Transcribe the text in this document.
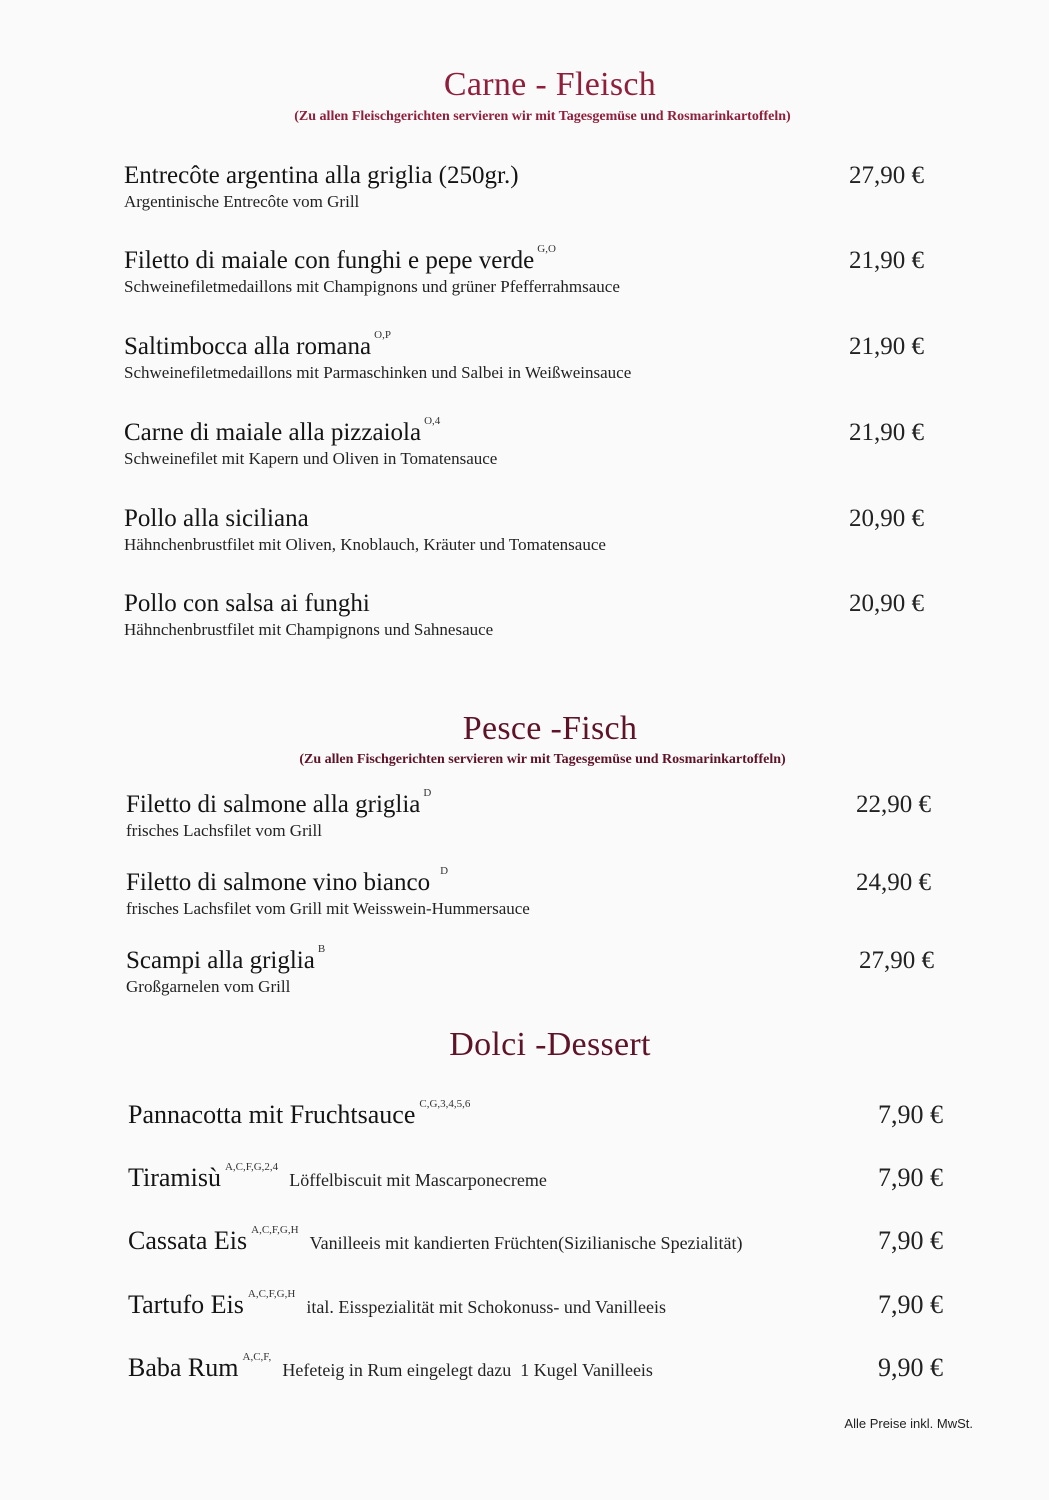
Carne - Fleisch
(Zu allen Fleischgerichten servieren wir mit Tagesgemüse und Rosmarinkartoffeln)
Entrecôte argentina alla griglia (250gr.)
Argentinische Entrecôte vom Grill
27,90 €
Filetto di maiale con funghi e pepe verde $^{G,O}$
Schweinefiletmedaillons mit Champignons und grüner Pfefferrahmsauce
21,90 €
Saltimbocca alla romana $^{O,P}$
Schweinefiletmedaillons mit Parmaschinken und Salbei in Weißweinsauce
21,90 €
Carne di maiale alla pizzaiola $^{O,4}$
Schweinefilet mit Kapern und Oliven in Tomatensauce
21,90 €
Pollo alla siciliana
Hähnchenbrustfilet mit Oliven, Knoblauch, Kräuter und Tomatensauce
20,90 €
Pollo con salsa ai funghi
Hähnchenbrustfilet mit Champignons und Sahnesauce
20,90 €
Pesce -Fisch
(Zu allen Fischgerichten servieren wir mit Tagesgemüse und Rosmarinkartoffeln)
Filetto di salmone alla griglia $^D$
frisches Lachsfilet vom Grill
22,90 €
Filetto di salmone vino bianco $^D$
frisches Lachsfilet vom Grill mit Weisswein-Hummersauce
24,90 €
Scampi alla griglia $^B$
Großgarnelen vom Grill
27,90 €
Dolci -Dessert
Pannacotta mit Fruchtsauce $^{C,G,3,4,5,6}$	7,90 €
Tiramisù $^{A,C,F,G,2,4}$ Löffelbiscuit mit Mascarponecreme	7,90 €
Cassata Eis $^{A,C,F,G,H}$ Vanilleeis mit kandierten Früchten(Sizilianische Spezialität)	7,90 €
Tartufo Eis $^{A,C,F,G,H}$ ital. Eisspezialität mit Schokonuss- und Vanilleeis	7,90 €
Baba Rum $^{A,C,F,}$ Hefeteig in Rum eingelegt dazu  1 Kugel Vanilleeis	9,90 €
Alle Preise inkl. MwSt.
